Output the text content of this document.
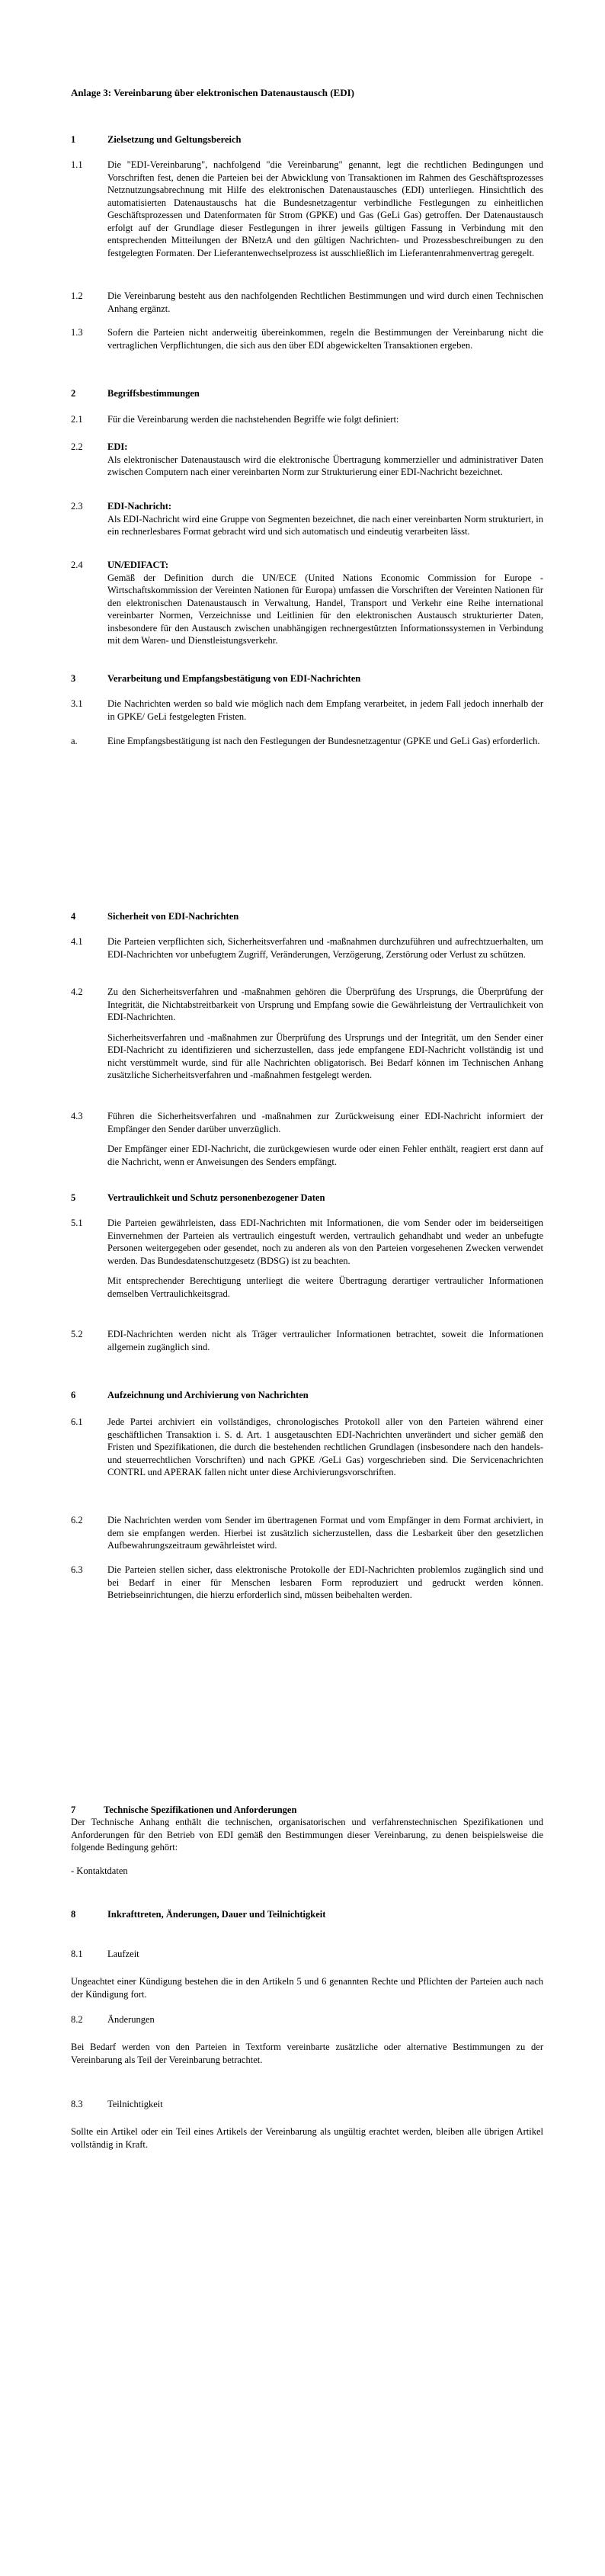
Anlage 3: Vereinbarung über elektronischen Datenaustausch (EDI)
1	Zielsetzung und Geltungsbereich
1.1	Die "EDI-Vereinbarung", nachfolgend "die Vereinbarung" genannt, legt die rechtlichen Bedingungen und Vorschriften fest, denen die Parteien bei der Abwicklung von Transaktionen im Rahmen des Geschäftsprozesses Netznutzungsabrechnung mit Hilfe des elektronischen Datenaustausches (EDI) unterliegen. Hinsichtlich des automatisierten Datenaustauschs hat die Bundesnetzagentur verbindliche Festlegungen zu einheitlichen Geschäftsprozessen und Datenformaten für Strom (GPKE) und Gas (GeLi Gas) getroffen. Der Datenaustausch erfolgt auf der Grundlage dieser Festlegungen in ihrer jeweils gültigen Fassung in Verbindung mit den entsprechenden Mitteilungen der BNetzA und den gültigen Nachrichten- und Prozessbeschreibungen zu den festgelegten Formaten. Der Lieferantenwechselprozess ist ausschließlich im Lieferantenrahmenvertrag geregelt.

1.2	Die Vereinbarung besteht aus den nachfolgenden Rechtlichen Bestimmungen und wird durch einen Technischen Anhang ergänzt.

1.3	Sofern die Parteien nicht anderweitig übereinkommen, regeln die Bestimmungen der Vereinbarung nicht die vertraglichen Verpflichtungen, die sich aus den über EDI abgewickelten Transaktionen ergeben.

2	Begriffsbestimmungen
2.1	Für die Vereinbarung werden die nachstehenden Begriffe wie folgt definiert:

2.2	EDI:

Als elektronischer Datenaustausch wird die elektronische Übertragung kommerzieller und administrativer Daten zwischen Computern nach einer vereinbarten Norm zur Strukturierung einer EDI-Nachricht bezeichnet.

2.3	EDI-Nachricht:

Als EDI-Nachricht wird eine Gruppe von Segmenten bezeichnet, die nach einer vereinbarten Norm strukturiert, in ein rechnerlesbares Format gebracht wird und sich automatisch und eindeutig verarbeiten lässt.

2.4	UN/EDIFACT:

Gemäß der Definition durch die UN/ECE (United Nations Economic Commission for Europe - Wirtschaftskommission der Vereinten Nationen für Europa) umfassen die Vorschriften der Vereinten Nationen für den elektronischen Datenaustausch in Verwaltung, Handel, Transport und Verkehr eine Reihe international vereinbarter Normen, Verzeichnisse und Leitlinien für den elektronischen Austausch strukturierter Daten, insbesondere für den Austausch zwischen unabhängigen rechnergestützten Informationssystemen in Verbindung mit dem Waren- und Dienstleistungsverkehr.

3	Verarbeitung und Empfangsbestätigung von EDI-Nachrichten
3.1	Die Nachrichten werden so bald wie möglich nach dem Empfang verarbeitet, in jedem Fall jedoch innerhalb der in GPKE/ GeLi festgelegten Fristen.

a.	Eine Empfangsbestätigung ist nach den Festlegungen der Bundesnetzagentur (GPKE und GeLi Gas) erforderlich.

4	Sicherheit von EDI-Nachrichten
4.1	Die Parteien verpflichten sich, Sicherheitsverfahren und -maßnahmen durchzuführen und aufrechtzuerhalten, um EDI-Nachrichten vor unbefugtem Zugriff, Veränderungen, Verzögerung, Zerstörung oder Verlust zu schützen.

4.2	Zu den Sicherheitsverfahren und -maßnahmen gehören die Überprüfung des Ursprungs, die Überprüfung der Integrität, die Nichtabstreitbarkeit von Ursprung und Empfang sowie die Gewährleistung der Vertraulichkeit von EDI-Nachrichten.

Sicherheitsverfahren und -maßnahmen zur Überprüfung des Ursprungs und der Integrität, um den Sender einer EDI-Nachricht zu identifizieren und sicherzustellen, dass jede empfangene EDI-Nachricht vollständig ist und nicht verstümmelt wurde, sind für alle Nachrichten obligatorisch. Bei Bedarf können im Technischen Anhang zusätzliche Sicherheitsverfahren und -maßnahmen festgelegt werden.

4.3	Führen die Sicherheitsverfahren und -maßnahmen zur Zurückweisung einer EDI-Nachricht informiert der Empfänger den Sender darüber unverzüglich.

Der Empfänger einer EDI-Nachricht, die zurückgewiesen wurde oder einen Fehler enthält, reagiert erst dann auf die Nachricht, wenn er Anweisungen des Senders empfängt.

5	Vertraulichkeit und Schutz personenbezogener Daten
5.1	Die Parteien gewährleisten, dass EDI-Nachrichten mit Informationen, die vom Sender oder im beiderseitigen Einvernehmen der Parteien als vertraulich eingestuft werden, vertraulich gehandhabt und weder an unbefugte Personen weitergegeben oder gesendet, noch zu anderen als von den Parteien vorgesehenen Zwecken verwendet werden. Das Bundesdatenschutzgesetz (BDSG) ist zu beachten.

Mit entsprechender Berechtigung unterliegt die weitere Übertragung derartiger vertraulicher Informationen demselben Vertraulichkeitsgrad.

5.2	EDI-Nachrichten werden nicht als Träger vertraulicher Informationen betrachtet, soweit die Informationen allgemein zugänglich sind.

6	Aufzeichnung und Archivierung von Nachrichten
6.1	Jede Partei archiviert ein vollständiges, chronologisches Protokoll aller von den Parteien während einer geschäftlichen Transaktion i. S. d. Art. 1 ausgetauschten EDI-Nachrichten unverändert und sicher gemäß den Fristen und Spezifikationen, die durch die bestehenden rechtlichen Grundlagen (insbesondere nach den handels- und steuerrechtlichen Vorschriften) und nach GPKE /GeLi Gas) vorgeschrieben sind. Die Servicenachrichten CONTRL und APERAK fallen nicht unter diese Archivierungsvorschriften.

6.2	Die Nachrichten werden vom Sender im übertragenen Format und vom Empfänger in dem Format archiviert, in dem sie empfangen werden. Hierbei ist zusätzlich sicherzustellen, dass die Lesbarkeit über den gesetzlichen Aufbewahrungszeitraum gewährleistet wird.

6.3	Die Parteien stellen sicher, dass elektronische Protokolle der EDI-Nachrichten problemlos zugänglich sind und bei Bedarf in einer für Menschen lesbaren Form reproduziert und gedruckt werden können. Betriebseinrichtungen, die hierzu erforderlich sind, müssen beibehalten werden.

7	Technische Spezifikationen und Anforderungen

Der Technische Anhang enthält die technischen, organisatorischen und verfahrenstechnischen Spezifikationen und Anforderungen für den Betrieb von EDI gemäß den Bestimmungen dieser Vereinbarung, zu denen beispielsweise die folgende Bedingung gehört:

- Kontaktdaten

8	Inkrafttreten, Änderungen, Dauer und Teilnichtigkeit
8.1	Laufzeit

Ungeachtet einer Kündigung bestehen die in den Artikeln 5 und 6 genannten Rechte und Pflichten der Parteien auch nach der Kündigung fort.

8.2	Änderungen

Bei Bedarf werden von den Parteien in Textform vereinbarte zusätzliche oder alternative Bestimmungen zu der Vereinbarung als Teil der Vereinbarung betrachtet.

8.3	Teilnichtigkeit

Sollte ein Artikel oder ein Teil eines Artikels der Vereinbarung als ungültig erachtet werden, bleiben alle übrigen Artikel vollständig in Kraft.
